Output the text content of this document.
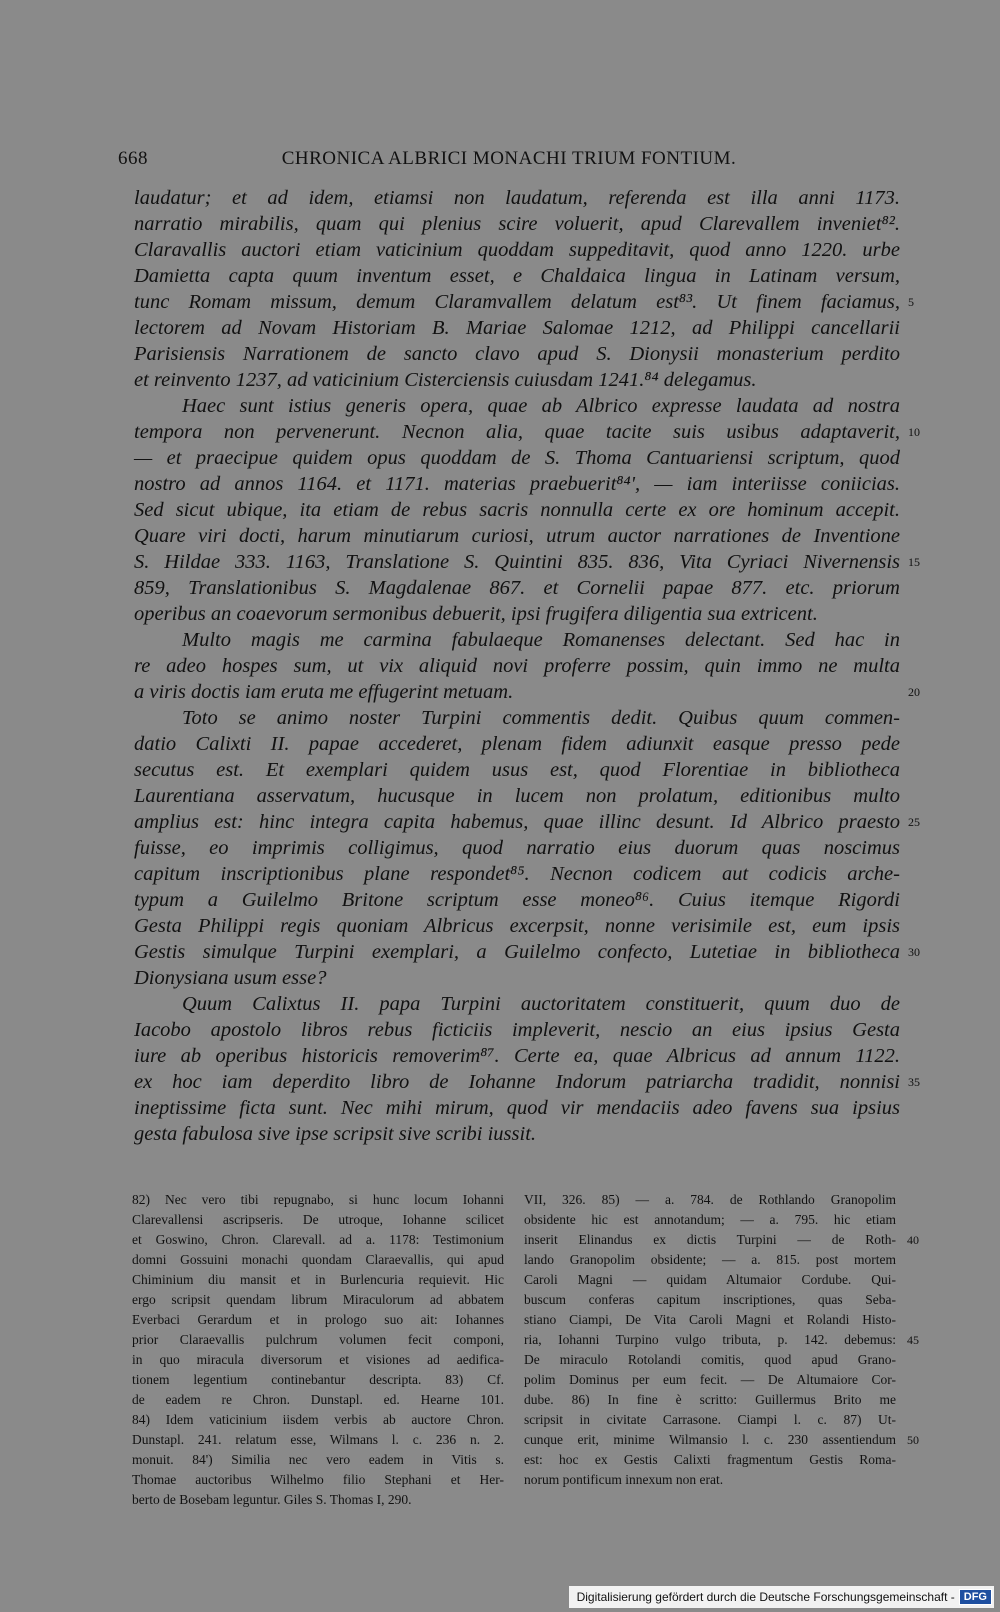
668	CHRONICA ALBRICI MONACHI TRIUM FONTIUM.
laudatur; et ad idem, etiamsi non laudatum, referenda est illa anni 1173.
narratio mirabilis, quam qui plenius scire voluerit, apud Clarevallem inveniet⁸².
Claravallis auctori etiam vaticinium quoddam suppeditavit, quod anno 1220. urbe
Damietta capta quum inventum esset, e Chaldaica lingua in Latinam versum,
tunc Romam missum, demum Claramvallem delatum est⁸³. Ut finem faciamus, 5
lectorem ad Novam Historiam B. Mariae Salomae 1212, ad Philippi cancellarii
Parisiensis Narrationem de sancto clavo apud S. Dionysii monasterium perdito
et reinvento 1237, ad vaticinium Cisterciensis cuiusdam 1241.⁸⁴ delegamus.
Haec sunt istius generis opera, quae ab Albrico expresse laudata ad nostra
tempora non pervenerunt. Necnon alia, quae tacite suis usibus adaptaverit, 10
— et praecipue quidem opus quoddam de S. Thoma Cantuariensi scriptum, quod
nostro ad annos 1164. et 1171. materias praebuerit⁸⁴', — iam interiisse coniicias.
Sed sicut ubique, ita etiam de rebus sacris nonnulla certe ex ore hominum accepit.
Quare viri docti, harum minutiarum curiosi, utrum auctor narrationes de Inventione
S. Hildae 333. 1163, Translatione S. Quintini 835. 836, Vita Cyriaci Nivernensis 15
859, Translationibus S. Magdalenae 867. et Cornelii papae 877. etc. priorum
operibus an coaevorum sermonibus debuerit, ipsi frugifera diligentia sua extricent.
Multo magis me carmina fabulaeque Romanenses delectant. Sed hac in
re adeo hospes sum, ut vix aliquid novi proferre possim, quin immo ne multa
a viris doctis iam eruta me effugerint metuam.	20
Toto se animo noster Turpini commentis dedit. Quibus quum commen-
datio Calixti II. papae accederet, plenam fidem adiunxit easque presso pede
secutus est. Et exemplari quidem usus est, quod Florentiae in bibliotheca
Laurentiana asservatum, hucusque in lucem non prolatum, editionibus multo
amplius est: hinc integra capita habemus, quae illinc desunt. Id Albrico praesto 25
fuisse, eo imprimis colligimus, quod narratio eius duorum quas noscimus
capitum inscriptionibus plane respondet⁸⁵. Necnon codicem aut codicis arche-
typum a Guilelmo Britone scriptum esse moneo⁸⁶. Cuius itemque Rigordi
Gesta Philippi regis quoniam Albricus excerpsit, nonne verisimile est, eum ipsis
Gestis simulque Turpini exemplari, a Guilelmo confecto, Lutetiae in bibliotheca 30
Dionysiana usum esse?
Quum Calixtus II. papa Turpini auctoritatem constituerit, quum duo de
Iacobo apostolo libros rebus ficticiis impleverit, nescio an eius ipsius Gesta
iure ab operibus historicis removerim⁸⁷. Certe ea, quae Albricus ad annum 1122.
ex hoc iam deperdito libro de Iohanne Indorum patriarcha tradidit, nonnisi 35
ineptissime ficta sunt. Nec mihi mirum, quod vir mendaciis adeo favens sua ipsius
gesta fabulosa sive ipse scripsit sive scribi iussit.
82) Nec vero tibi repugnabo, si hunc locum Iohanni
Clarevallensi ascripseris. De utroque, Iohanne scilicet
et Goswino, Chron. Clarevall. ad a. 1178: Testimonium
domni Gossuini monachi quondam Claraevallis, qui apud
Chiminium diu mansit et in Burlencuria requievit. Hic
ergo scripsit quendam librum Miraculorum ad abbatem
Everbaci Gerardum et in prologo suo ait: Iohannes
prior Claraevallis pulchrum volumen fecit componi,
in quo miracula diversorum et visiones ad aedifica-
tionem legentium continebantur descripta. 83) Cf.
de eadem re Chron. Dunstapl. ed. Hearne 101.
84) Idem vaticinium iisdem verbis ab auctore Chron.
Dunstapl. 241. relatum esse, Wilmans l. c. 236 n. 2.
monuit. 84') Similia nec vero eadem in Vitis s.
Thomae auctoribus Wilhelmo filio Stephani et Her-
berto de Bosebam leguntur. Giles S. Thomas I, 290.
VII, 326. 85) — a. 784. de Rothlando Granopolim
obsidente hic est annotandum; — a. 795. hic etiam
inserit Elinandus ex dictis Turpini — de Roth-
lando Granopolim obsidente; — a. 815. post mortem
Caroli Magni — quidam Altumaior Cordube. Qui-
buscum conferas capitum inscriptiones, quas Seba-
stiano Ciampi, De Vita Caroli Magni et Rolandi Histo-
ria, Iohanni Turpino vulgo tributa, p. 142. debemus:
De miraculo Rotolandi comitis, quod apud Grano-
polim Dominus per eum fecit. — De Altumaiore Cor-
dube. 86) In fine è scritto: Guillermus Brito me
scripsit in civitate Carrasone. Ciampi l. c. 87) Ut-
cunque erit, minime Wilmansio l. c. 230 assentiendum
est: hoc ex Gestis Calixti fragmentum Gestis Roma-
norum pontificum innexum non erat.
40
45
50
Digitalisierung gefördert durch die Deutsche Forschungsgemeinschaft - DFG
